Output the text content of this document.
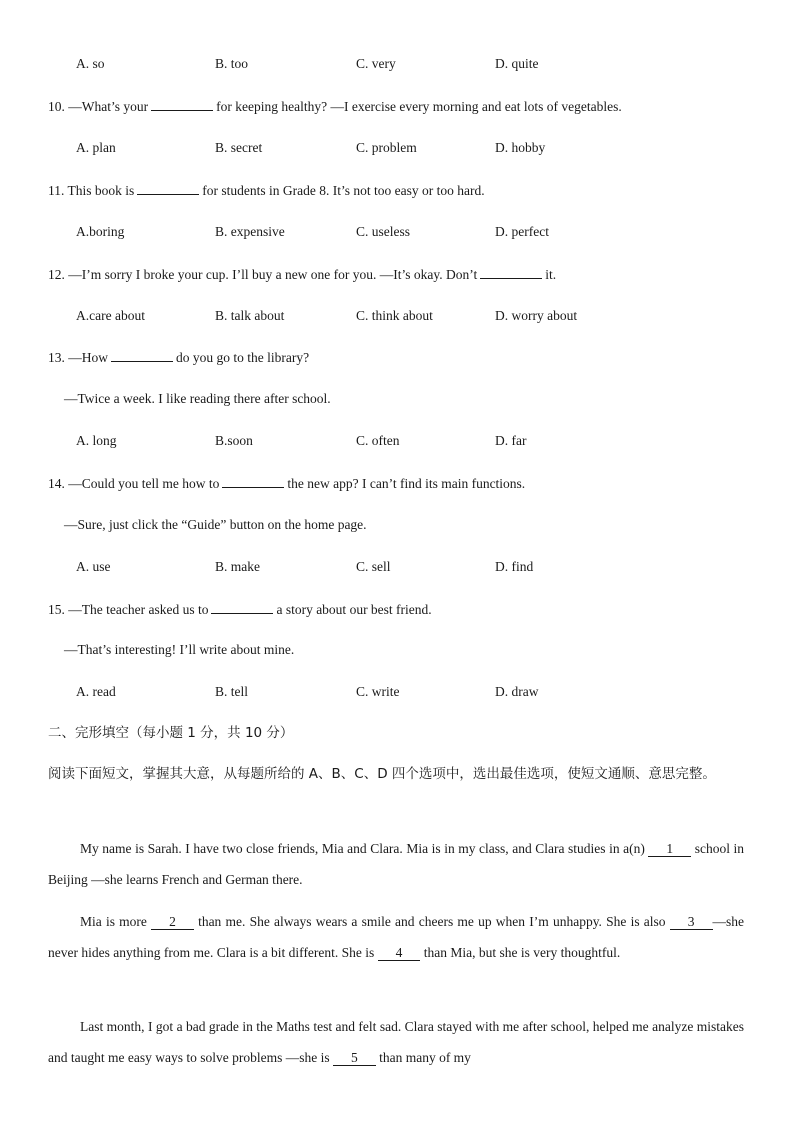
A. so	B. too	C. very	D. quite
10. —What’s your	for keeping healthy? —I exercise every morning and eat lots of vegetables.
A. plan	B. secret	C. problem	D. hobby
11. This book is	for students in Grade 8. It’s not too easy or too hard.
A.boring	B. expensive	C. useless	D. perfect
12. —I’m sorry I broke your cup. I’ll buy a new one for you. —It’s okay. Don’t	it.
A.care about	B. talk about	C. think about	D. worry about
13. —How	do you go to the library?
—Twice a week. I like reading there after school.
A. long	B.soon	C. often	D. far
14. —Could you tell me how to	the new app? I can’t find its main functions.
—Sure, just click the “Guide” button on the home page.
A. use	B. make	C. sell	D. find
15. —The teacher asked us to	a story about our best friend.
—That’s interesting! I’ll write about mine.
A. read	B. tell	C. write	D. draw
二、完形填空（每小题 1 分，共 10 分）
阅读下面短文，掌握其大意，从每题所给的 A、B、C、D 四个选项中，选出最佳选项，使短文通顺、意思完整。
My name is Sarah. I have two close friends, Mia and Clara. Mia is in my class, and Clara studies in a(n) 1 school in Beijing —she learns French and German there.
Mia is more 2 than me. She always wears a smile and cheers me up when I’m unhappy. She is also 3 —she never hides anything from me. Clara is a bit different. She is 4 than Mia, but she is very thoughtful.
Last month, I got a bad grade in the Maths test and felt sad. Clara stayed with me after school, helped me analyze mistakes and taught me easy ways to solve problems —she is 5 than many of my
